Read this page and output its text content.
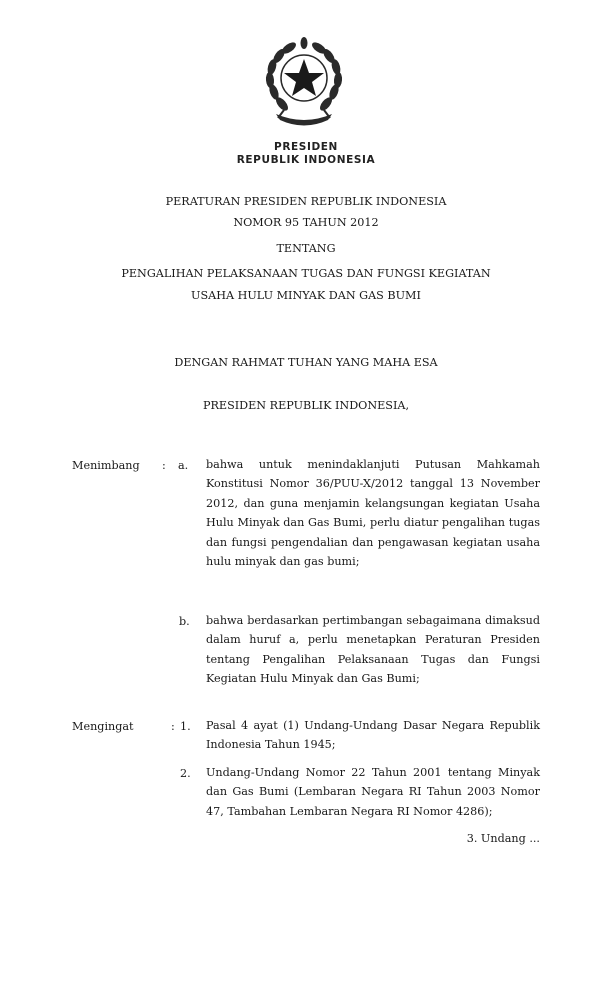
PRESIDEN
REPUBLIK INDONESIA
PERATURAN PRESIDEN REPUBLIK INDONESIA
NOMOR 95 TAHUN 2012
TENTANG
PENGALIHAN PELAKSANAAN TUGAS DAN FUNGSI KEGIATAN
USAHA HULU MINYAK DAN GAS BUMI
DENGAN RAHMAT TUHAN YANG MAHA ESA
PRESIDEN REPUBLIK INDONESIA,
Menimbang : a. bahwa untuk menindaklanjuti Putusan Mahkamah Konstitusi Nomor 36/PUU-X/2012 tanggal 13 November 2012, dan guna menjamin kelangsungan kegiatan Usaha Hulu Minyak dan Gas Bumi, perlu diatur pengalihan tugas dan fungsi pengendalian dan pengawasan kegiatan usaha hulu minyak dan gas bumi;
b. bahwa berdasarkan pertimbangan sebagaimana dimaksud dalam huruf a, perlu menetapkan Peraturan Presiden tentang Pengalihan Pelaksanaan Tugas dan Fungsi Kegiatan Hulu Minyak dan Gas Bumi;
Mengingat	: 1. Pasal 4 ayat (1) Undang-Undang Dasar Negara Republik Indonesia Tahun 1945;
2. Undang-Undang Nomor 22 Tahun 2001 tentang Minyak dan Gas Bumi (Lembaran Negara RI Tahun 2003 Nomor 47, Tambahan Lembaran Negara RI Nomor 4286);
3. Undang ...
